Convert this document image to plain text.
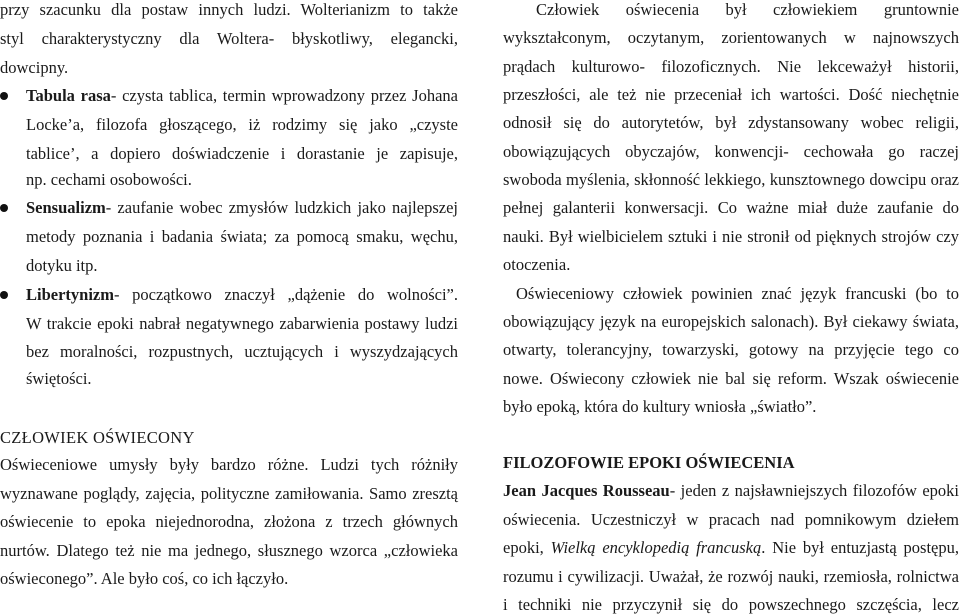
przy szacunku dla postaw innych ludzi. Wolterianizm to także
styl charakterystyczny dla Woltera- błyskotliwy, elegancki,
dowcipny.
Tabula rasa- czysta tablica, termin wprowadzony przez Johana
Locke’a, filozofa głoszącego, iż rodzimy się jako „czyste
tablice’, a dopiero doświadczenie i dorastanie je zapisuje,
np. cechami osobowości.
Sensualizm- zaufanie wobec zmysłów ludzkich jako najlepszej
metody poznania i badania świata; za pomocą smaku, węchu,
dotyku itp.
Libertynizm- początkowo znaczył „dążenie do wolności”.
W trakcie epoki nabrał negatywnego zabarwienia postawy ludzi
bez moralności, rozpustnych, ucztujących i wyszydzających
świętości.
CZŁOWIEK OŚWIECONY
Oświeceniowe umysły były bardzo różne. Ludzi tych różniły
wyznawane poglądy, zajęcia, polityczne zamiłowania. Samo zresztą
oświecenie to epoka niejednorodna, złożona z trzech głównych
nurtów. Dlatego też nie ma jednego, słusznego wzorca „człowieka
oświeconego”. Ale było coś, co ich łączyło.
Człowiek oświecenia był człowiekiem gruntownie
wykształconym, oczytanym, zorientowanych w najnowszych
prądach kulturowo- filozoficznych. Nie lekceważył historii,
przeszłości, ale też nie przeceniał ich wartości. Dość niechętnie
odnosił się do autorytetów, był zdystansowany wobec religii,
obowiązujących obyczajów, konwencji- cechowała go raczej
swoboda myślenia, skłonność lekkiego, kunsztownego dowcipu oraz
pełnej galanterii konwersacji. Co ważne miał duże zaufanie do
nauki. Był wielbicielem sztuki i nie stronił od pięknych strojów czy
otoczenia.
Oświeceniowy człowiek powinien znać język francuski (bo to
obowiązujący język na europejskich salonach). Był ciekawy świata,
otwarty, tolerancyjny, towarzyski, gotowy na przyjęcie tego co
nowe. Oświecony człowiek nie bal się reform. Wszak oświecenie
było epoką, która do kultury wniosła „światło”.
FILOZOFOWIE EPOKI OŚWIECENIA
Jean Jacques Rousseau- jeden z najsławniejszych filozofów epoki
oświecenia. Uczestniczył w pracach nad pomnikowym dziełem
epoki, Wielką encyklopedią francuską. Nie był entuzjastą postępu,
rozumu i cywilizacji. Uważał, że rozwój nauki, rzemiosła, rolnictwa
i techniki nie przyczynił się do powszechnego szczęścia, lecz
